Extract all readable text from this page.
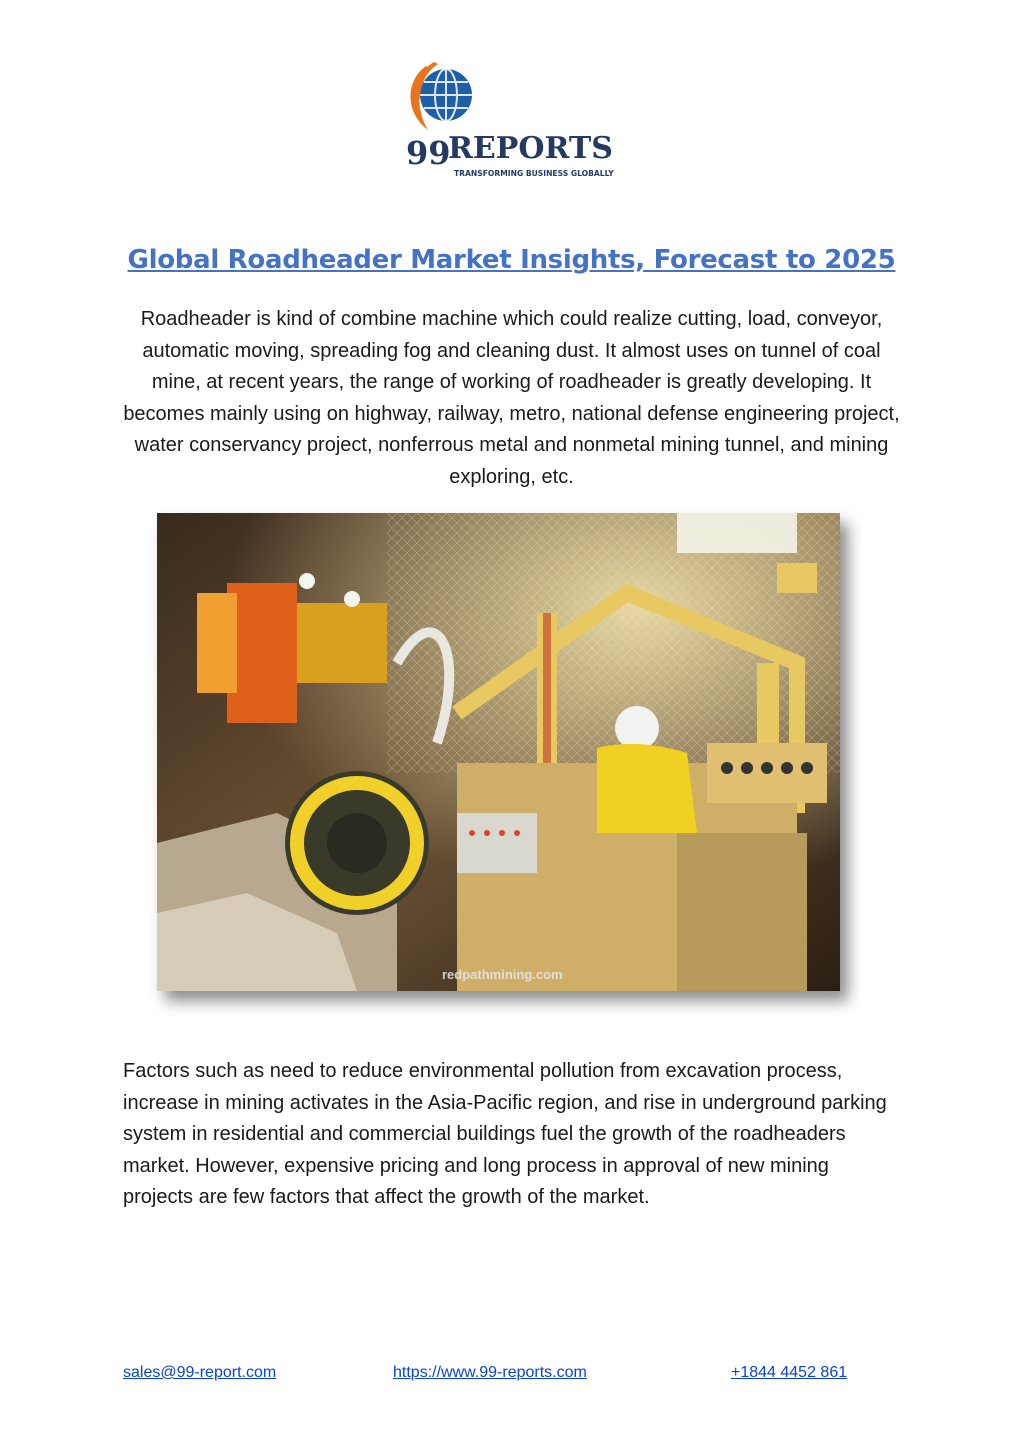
99
REPORTS
TRANSFORMING BUSINESS GLOBALLY
Global Roadheader Market Insights, Forecast to 2025
Roadheader is kind of combine machine which could realize cutting, load, conveyor, automatic moving, spreading fog and cleaning dust. It almost uses on tunnel of coal mine, at recent years, the range of working of roadheader is greatly developing. It becomes mainly using on highway, railway, metro, national defense engineering project, water conservancy project, nonferrous metal and nonmetal mining tunnel, and mining exploring, etc.
redpathmining.com
Factors such as need to reduce environmental pollution from excavation process, increase in mining activates in the Asia-Pacific region, and rise in underground parking system in residential and commercial buildings fuel the growth of the roadheaders market. However, expensive pricing and long process in approval of new mining projects are few factors that affect the growth of the market.
sales@99-report.com	https://www.99-reports.com	+1844 4452 861
